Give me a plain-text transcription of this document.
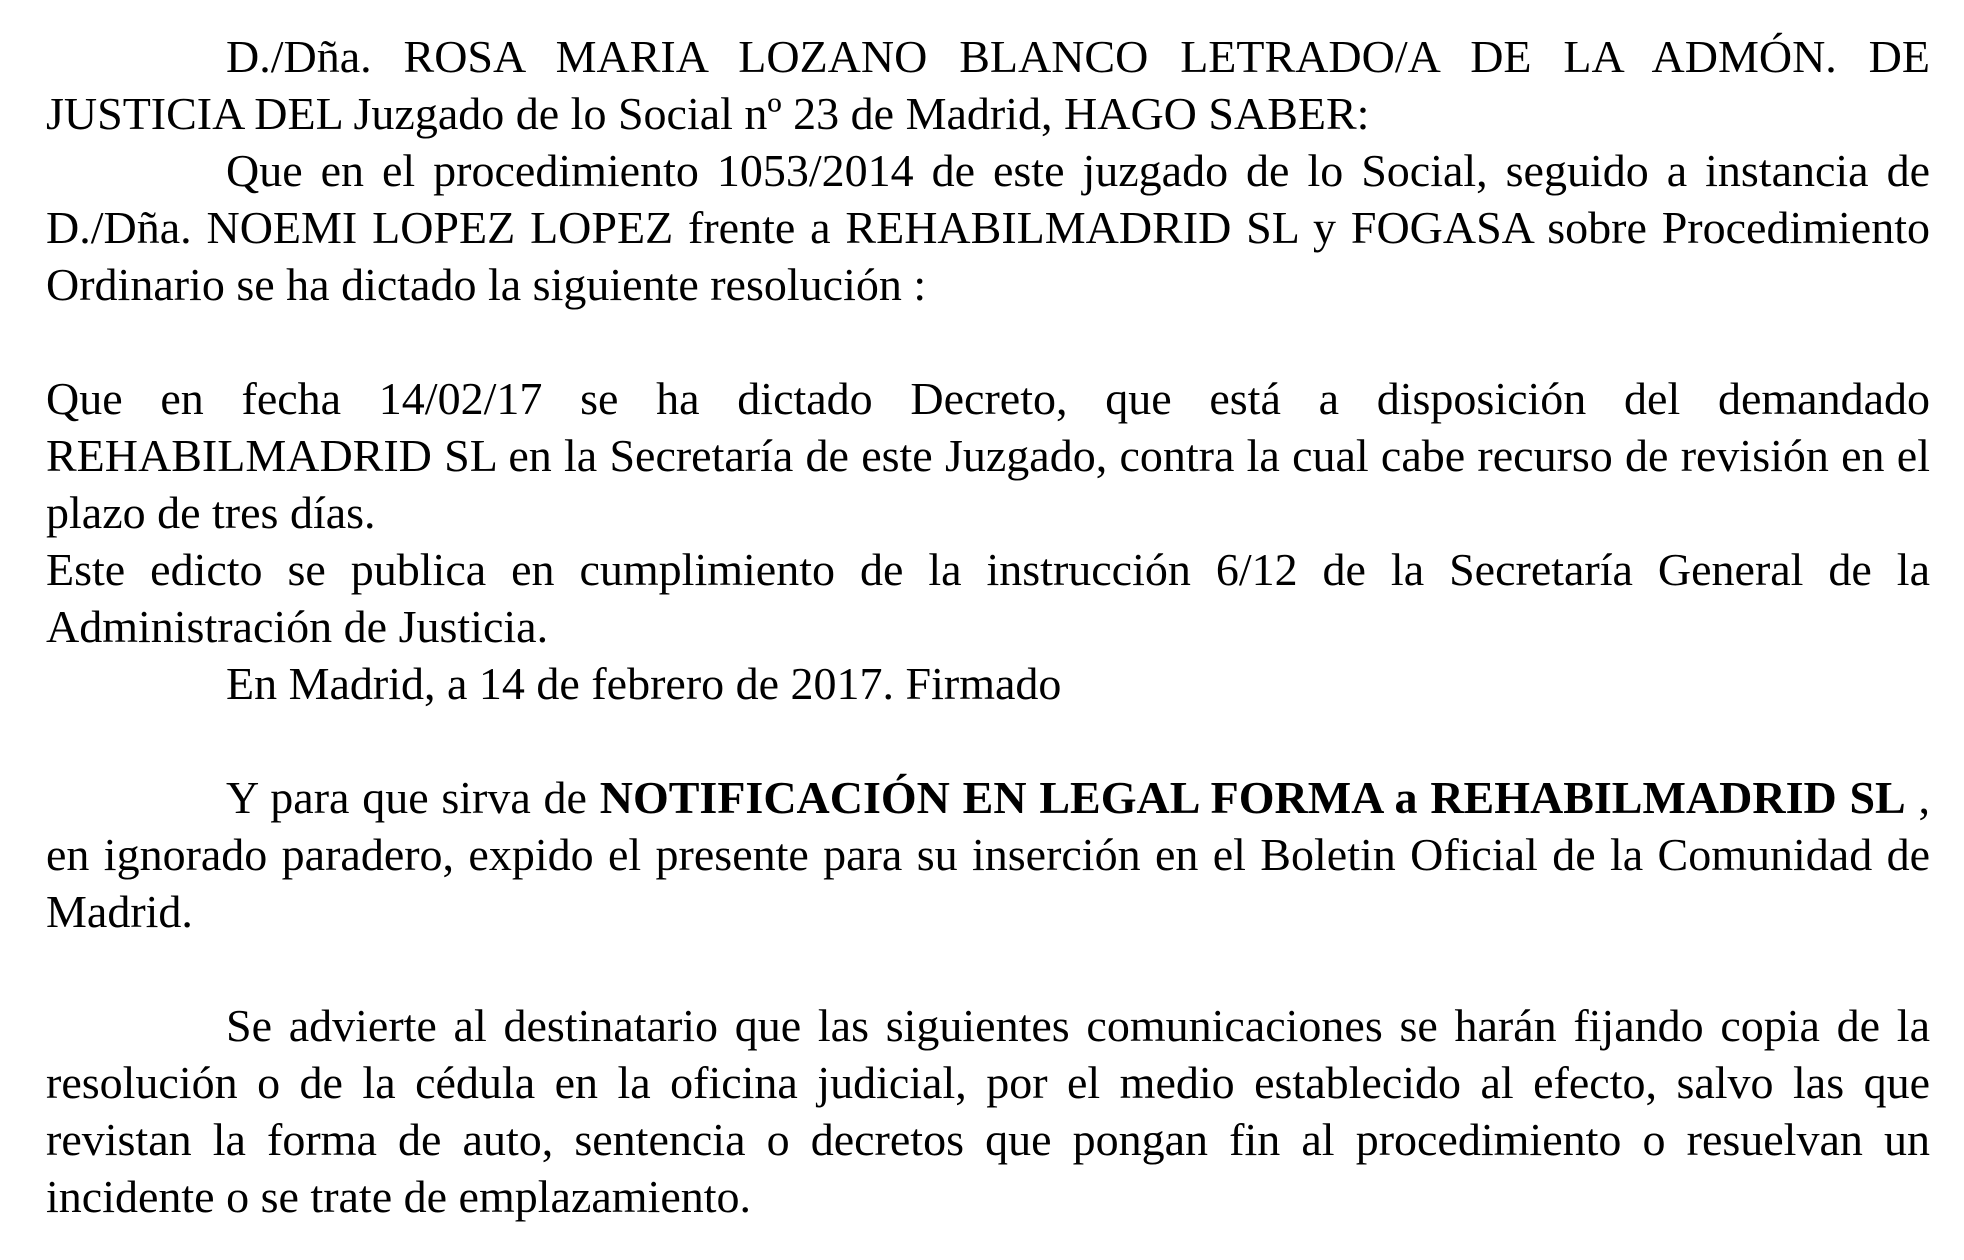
D./Dña. ROSA MARIA LOZANO BLANCO LETRADO/A DE LA ADMÓN. DE JUSTICIA DEL Juzgado de lo Social nº 23 de Madrid, HAGO SABER:

Que en el procedimiento 1053/2014 de este juzgado de lo Social, seguido a instancia de D./Dña. NOEMI LOPEZ LOPEZ frente a REHABILMADRID SL y FOGASA sobre Procedimiento Ordinario se ha dictado la siguiente resolución :

Que en fecha 14/02/17 se ha dictado Decreto, que está a disposición del demandado REHABILMADRID SL en la Secretaría de este Juzgado, contra la cual cabe recurso de revisión en el plazo de tres días.

Este edicto se publica en cumplimiento de la instrucción 6/12 de la Secretaría General de la Administración de Justicia.

En Madrid, a 14 de febrero de 2017. Firmado

Y para que sirva de NOTIFICACIÓN EN LEGAL FORMA a REHABILMADRID SL , en ignorado paradero, expido el presente para su inserción en el Boletin Oficial de la Comunidad de Madrid.

Se advierte al destinatario que las siguientes comunicaciones se harán fijando copia de la resolución o de la cédula en la oficina judicial, por el medio establecido al efecto, salvo las que revistan la forma de auto, sentencia o decretos que pongan fin al procedimiento o resuelvan un incidente o se trate de emplazamiento.
